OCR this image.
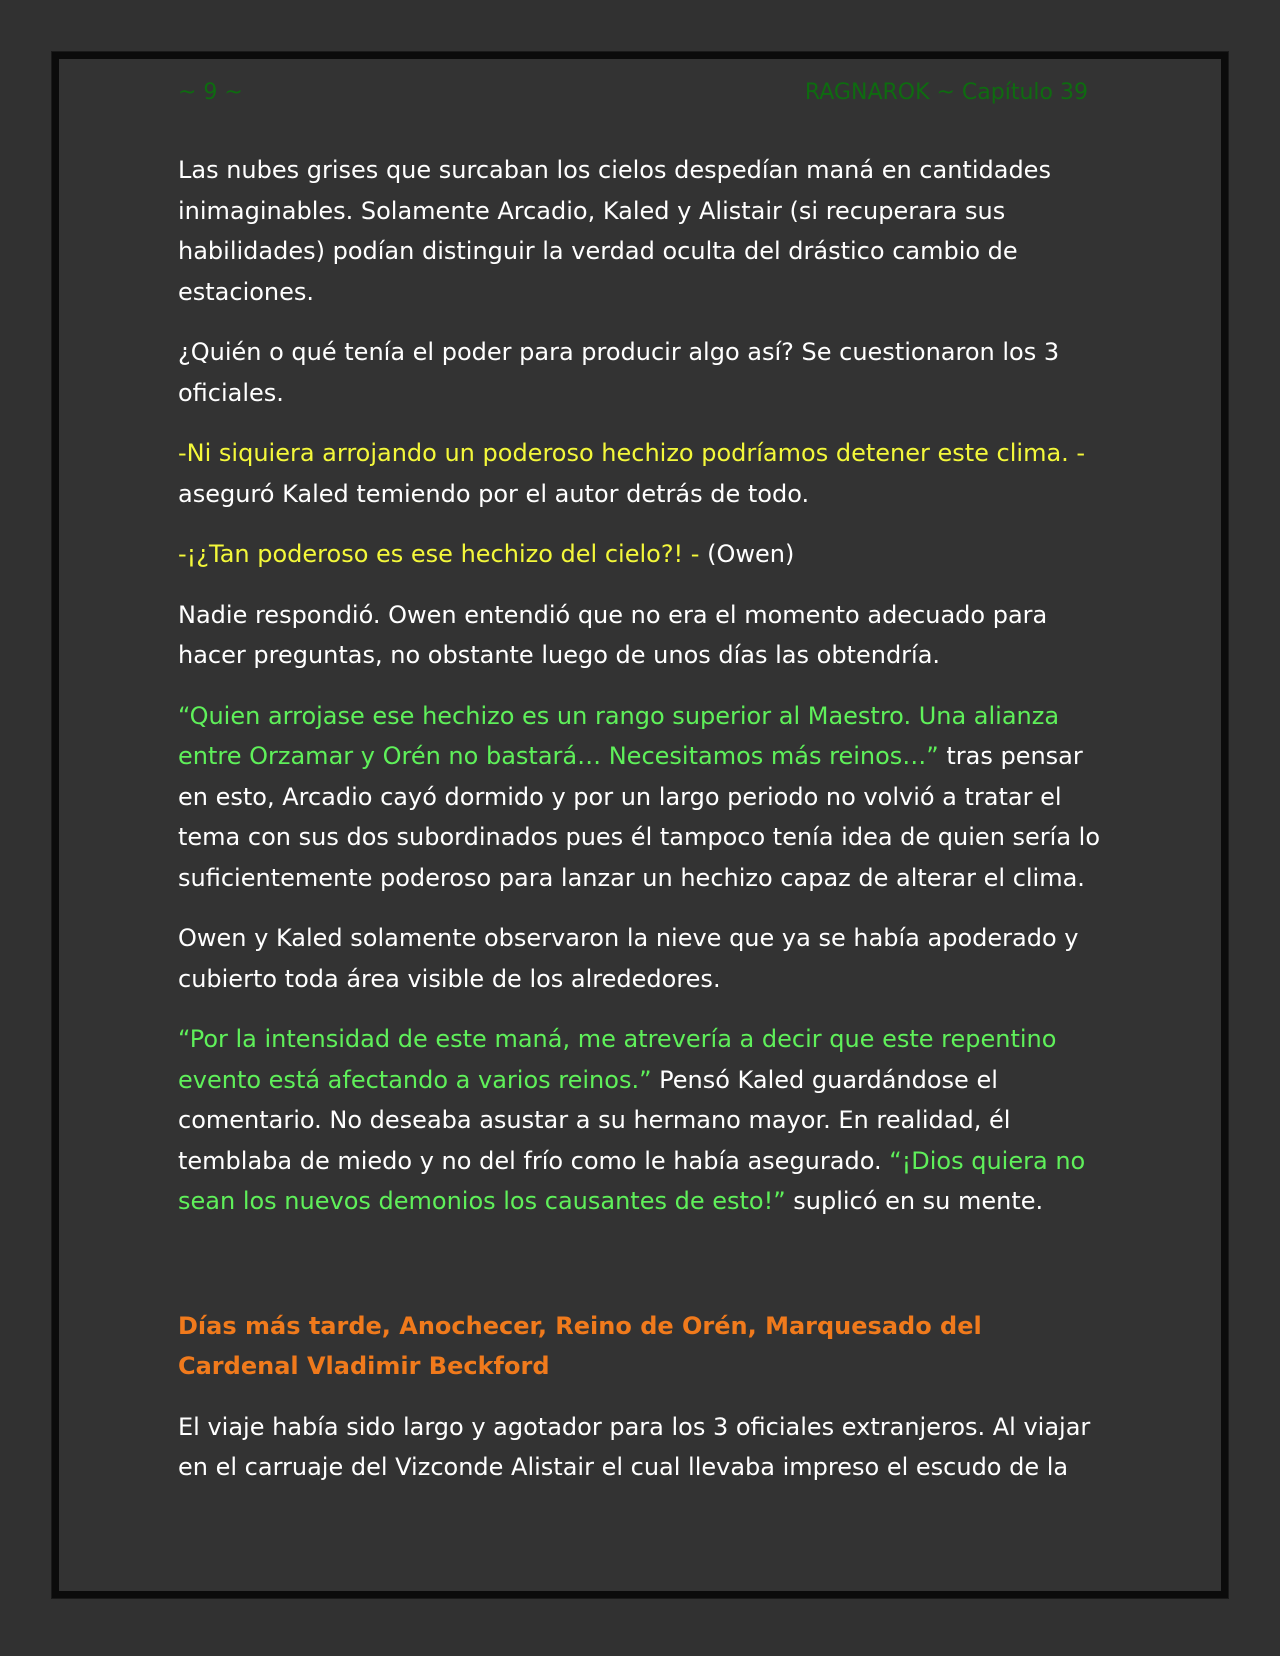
~ 9 ~	RAGNAROK ~ Capítulo 39

Las nubes grises que surcaban los cielos despedían maná en cantidades inimaginables. Solamente Arcadio, Kaled y Alistair (si recuperara sus habilidades) podían distinguir la verdad oculta del drástico cambio de estaciones.

¿Quién o qué tenía el poder para producir algo así? Se cuestionaron los 3 oficiales.

-Ni siquiera arrojando un poderoso hechizo podríamos detener este clima. - aseguró Kaled temiendo por el autor detrás de todo.

-¡¿Tan poderoso es ese hechizo del cielo?! - (Owen)

Nadie respondió. Owen entendió que no era el momento adecuado para hacer preguntas, no obstante luego de unos días las obtendría.

“Quien arrojase ese hechizo es un rango superior al Maestro. Una alianza entre Orzamar y Orén no bastará… Necesitamos más reinos…” tras pensar en esto, Arcadio cayó dormido y por un largo periodo no volvió a tratar el tema con sus dos subordinados pues él tampoco tenía idea de quien sería lo suficientemente poderoso para lanzar un hechizo capaz de alterar el clima.

Owen y Kaled solamente observaron la nieve que ya se había apoderado y cubierto toda área visible de los alrededores.

“Por la intensidad de este maná, me atrevería a decir que este repentino evento está afectando a varios reinos.” Pensó Kaled guardándose el comentario. No deseaba asustar a su hermano mayor. En realidad, él temblaba de miedo y no del frío como le había asegurado. “¡Dios quiera no sean los nuevos demonios los causantes de esto!” suplicó en su mente.

Días más tarde, Anochecer, Reino de Orén, Marquesado del Cardenal Vladimir Beckford

El viaje había sido largo y agotador para los 3 oficiales extranjeros. Al viajar en el carruaje del Vizconde Alistair el cual llevaba impreso el escudo de la
